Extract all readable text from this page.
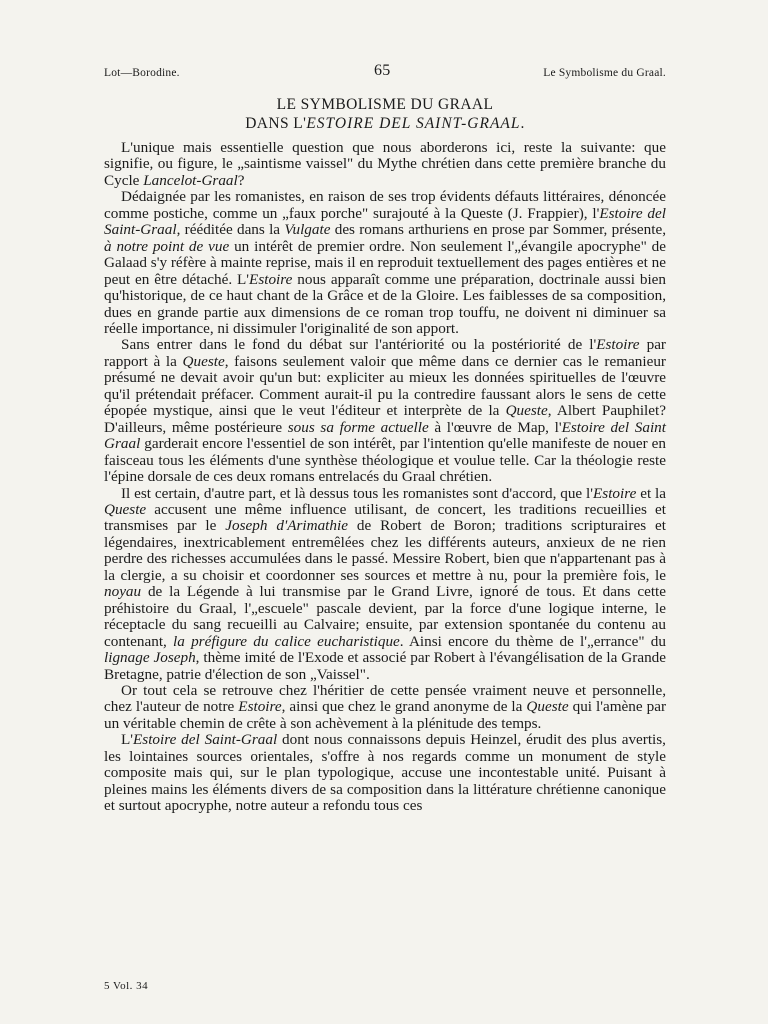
Lot—Borodine.	65	Le Symbolisme du Graal.
LE SYMBOLISME DU GRAAL
DANS L'ESTOIRE DEL SAINT-GRAAL.

L'unique mais essentielle question que nous aborderons ici, reste la suivante: que signifie, ou figure, le „saintisme vaissel" du Mythe chrétien dans cette première branche du Cycle Lancelot-Graal?

Dédaignée par les romanistes, en raison de ses trop évidents défauts littéraires, dénoncée comme postiche, comme un „faux porche" surajouté à la Queste (J. Frappier), l'Estoire del Saint-Graal, rééditée dans la Vulgate des romans arthuriens en prose par Sommer, présente, à notre point de vue un intérêt de premier ordre. Non seulement l'„évangile apocryphe" de Galaad s'y réfère à mainte reprise, mais il en reproduit textuellement des pages entières et ne peut en être détaché. L'Estoire nous apparaît comme une préparation, doctrinale aussi bien qu'historique, de ce haut chant de la Grâce et de la Gloire. Les faiblesses de sa composition, dues en grande partie aux dimensions de ce roman trop touffu, ne doivent ni diminuer sa réelle importance, ni dissimuler l'originalité de son apport.

Sans entrer dans le fond du débat sur l'antériorité ou la postériorité de l'Estoire par rapport à la Queste, faisons seulement valoir que même dans ce dernier cas le remanieur présumé ne devait avoir qu'un but: expliciter au mieux les données spirituelles de l'œuvre qu'il prétendait préfacer. Comment aurait-il pu la contredire faussant alors le sens de cette épopée mystique, ainsi que le veut l'éditeur et interprète de la Queste, Albert Pauphilet? D'ailleurs, même postérieure sous sa forme actuelle à l'œuvre de Map, l'Estoire del Saint Graal garderait encore l'essentiel de son intérêt, par l'intention qu'elle manifeste de nouer en faisceau tous les éléments d'une synthèse théologique et voulue telle. Car la théologie reste l'épine dorsale de ces deux romans entrelacés du Graal chrétien.

Il est certain, d'autre part, et là dessus tous les romanistes sont d'accord, que l'Estoire et la Queste accusent une même influence utilisant, de concert, les traditions recueillies et transmises par le Joseph d'Arimathie de Robert de Boron; traditions scripturaires et légendaires, inextricablement entremêlées chez les différents auteurs, anxieux de ne rien perdre des richesses accumulées dans le passé. Messire Robert, bien que n'appartenant pas à la clergie, a su choisir et coordonner ses sources et mettre à nu, pour la première fois, le noyau de la Légende à lui transmise par le Grand Livre, ignoré de tous. Et dans cette préhistoire du Graal, l'„escuele" pascale devient, par la force d'une logique interne, le réceptacle du sang recueilli au Calvaire; ensuite, par extension spontanée du contenu au contenant, la préfigure du calice eucharistique. Ainsi encore du thème de l'„errance" du lignage Joseph, thème imité de l'Exode et associé par Robert à l'évangélisation de la Grande Bretagne, patrie d'élection de son „Vaissel".

Or tout cela se retrouve chez l'héritier de cette pensée vraiment neuve et personnelle, chez l'auteur de notre Estoire, ainsi que chez le grand anonyme de la Queste qui l'amène par un véritable chemin de crête à son achèvement à la plénitude des temps.

L'Estoire del Saint-Graal dont nous connaissons depuis Heinzel, érudit des plus avertis, les lointaines sources orientales, s'offre à nos regards comme un monument de style composite mais qui, sur le plan typologique, accuse une incontestable unité. Puisant à pleines mains les éléments divers de sa composition dans la littérature chrétienne canonique et surtout apocryphe, notre auteur a refondu tous ces

5 Vol. 34
